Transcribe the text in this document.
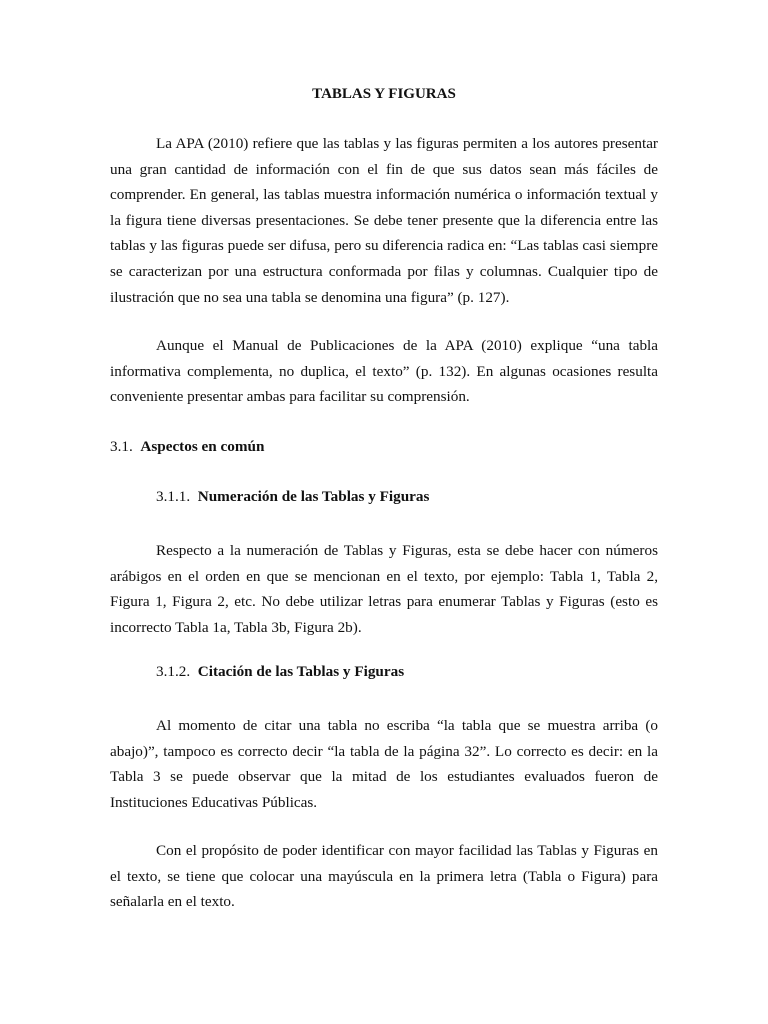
TABLAS Y FIGURAS

La APA (2010) refiere que las tablas y las figuras permiten a los autores presentar una gran cantidad de información con el fin de que sus datos sean más fáciles de comprender. En general, las tablas muestra información numérica o información textual y la figura tiene diversas presentaciones. Se debe tener presente que la diferencia entre las tablas y las figuras puede ser difusa, pero su diferencia radica en: “Las tablas casi siempre se caracterizan por una estructura conformada por filas y columnas. Cualquier tipo de ilustración que no sea una tabla se denomina una figura” (p. 127).

Aunque el Manual de Publicaciones de la APA (2010) explique “una tabla informativa complementa, no duplica, el texto” (p. 132). En algunas ocasiones resulta conveniente presentar ambas para facilitar su comprensión.

3.1. Aspectos en común
3.1.1. Numeración de las Tablas y Figuras

Respecto a la numeración de Tablas y Figuras, esta se debe hacer con números arábigos en el orden en que se mencionan en el texto, por ejemplo: Tabla 1, Tabla 2, Figura 1, Figura 2, etc. No debe utilizar letras para enumerar Tablas y Figuras (esto es incorrecto Tabla 1a, Tabla 3b, Figura 2b).

3.1.2. Citación de las Tablas y Figuras

Al momento de citar una tabla no escriba “la tabla que se muestra arriba (o abajo)”, tampoco es correcto decir “la tabla de la página 32”. Lo correcto es decir: en la Tabla 3 se puede observar que la mitad de los estudiantes evaluados fueron de Instituciones Educativas Públicas.

Con el propósito de poder identificar con mayor facilidad las Tablas y Figuras en el texto, se tiene que colocar una mayúscula en la primera letra (Tabla o Figura) para señalarla en el texto.
